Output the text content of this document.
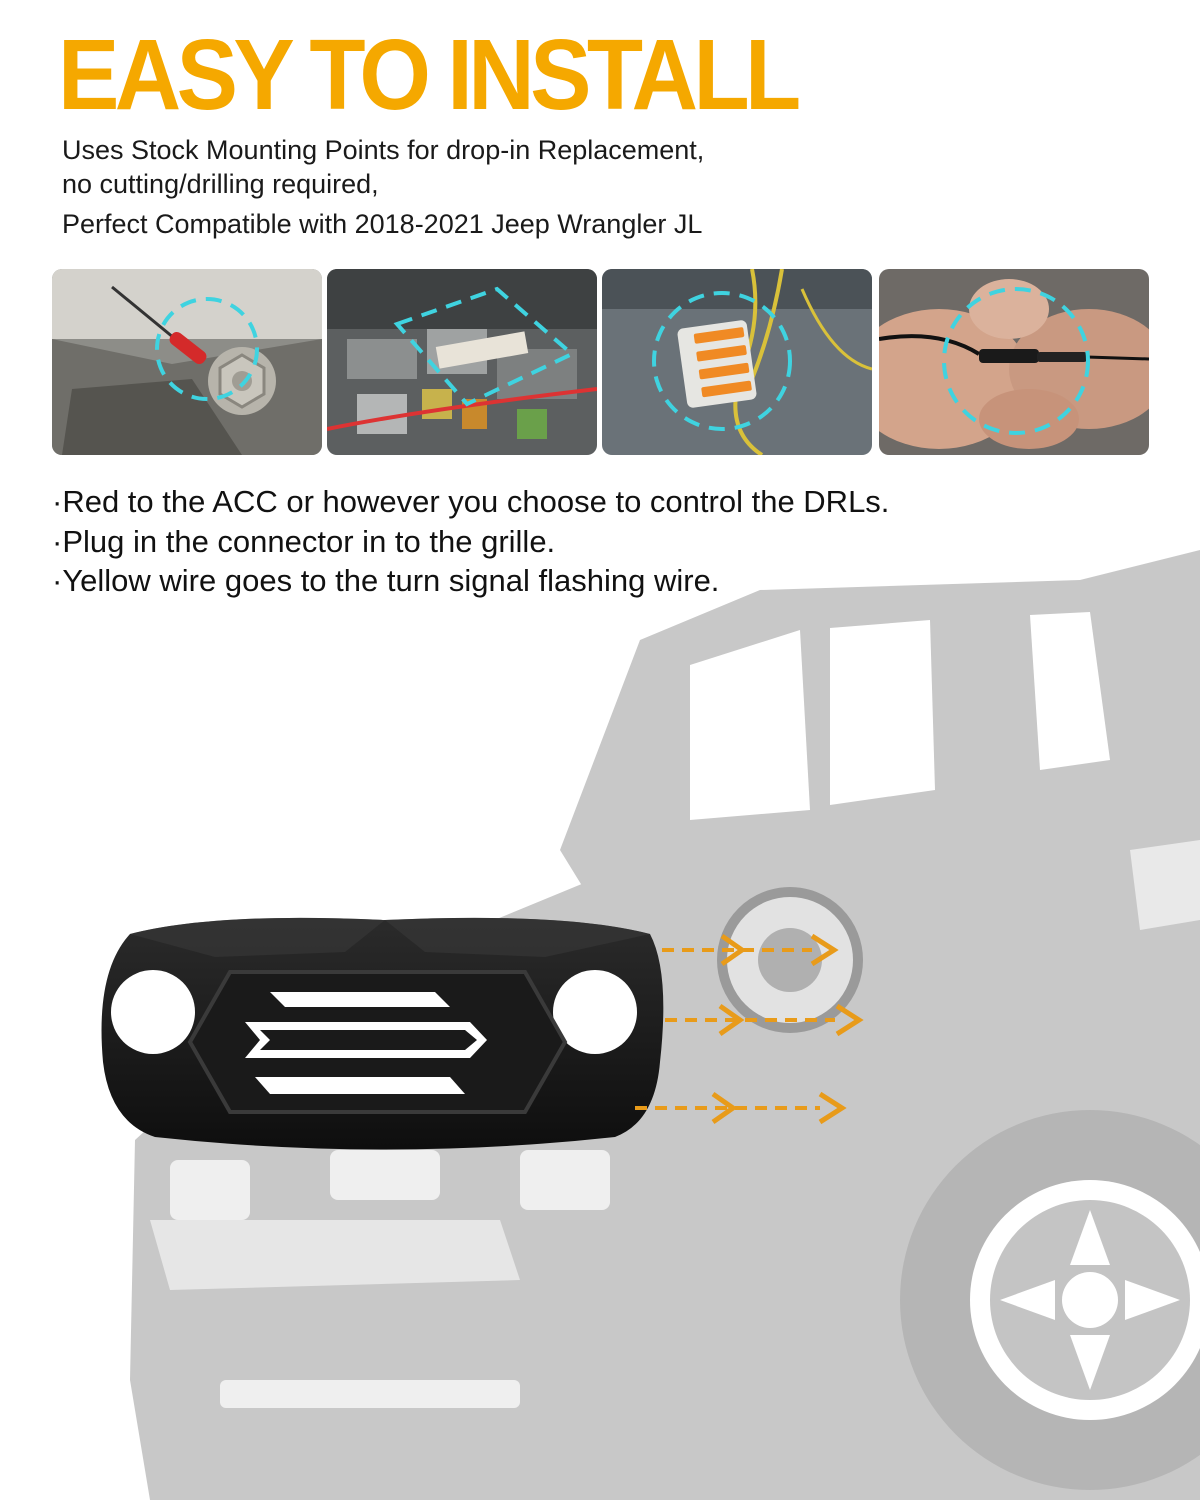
EASY TO INSTALL

Uses Stock Mounting Points for drop-in Replacement,

no cutting/drilling required,

Perfect Compatible with 2018-2021 Jeep Wrangler JL

·Red to the ACC or however you choose to control the DRLs.

·Plug in the connector in to the grille.

·Yellow wire goes to the turn signal flashing wire.
